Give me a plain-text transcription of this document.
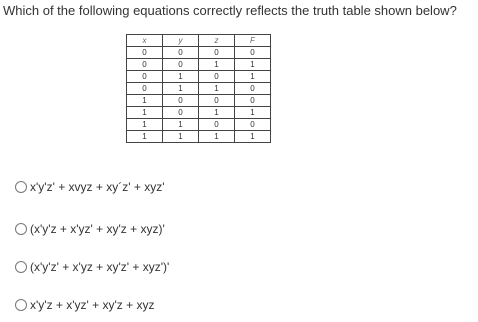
Which of the following equations correctly reflects the truth table shown below?
x	y	z	F
0	0	0	0
0	0	1	1
0	1	0	1
0	1	1	0
1	0	0	0
1	0	1	1
1	1	0	0
1	1	1	1
x'y'z' + xvyz + xy´z' + xyz'
(x'y'z + x'yz' + xy'z + xyz)'
(x'y'z' + x'yz + xy'z' + xyz')'
x'y'z + x'yz' + xy'z + xyz
